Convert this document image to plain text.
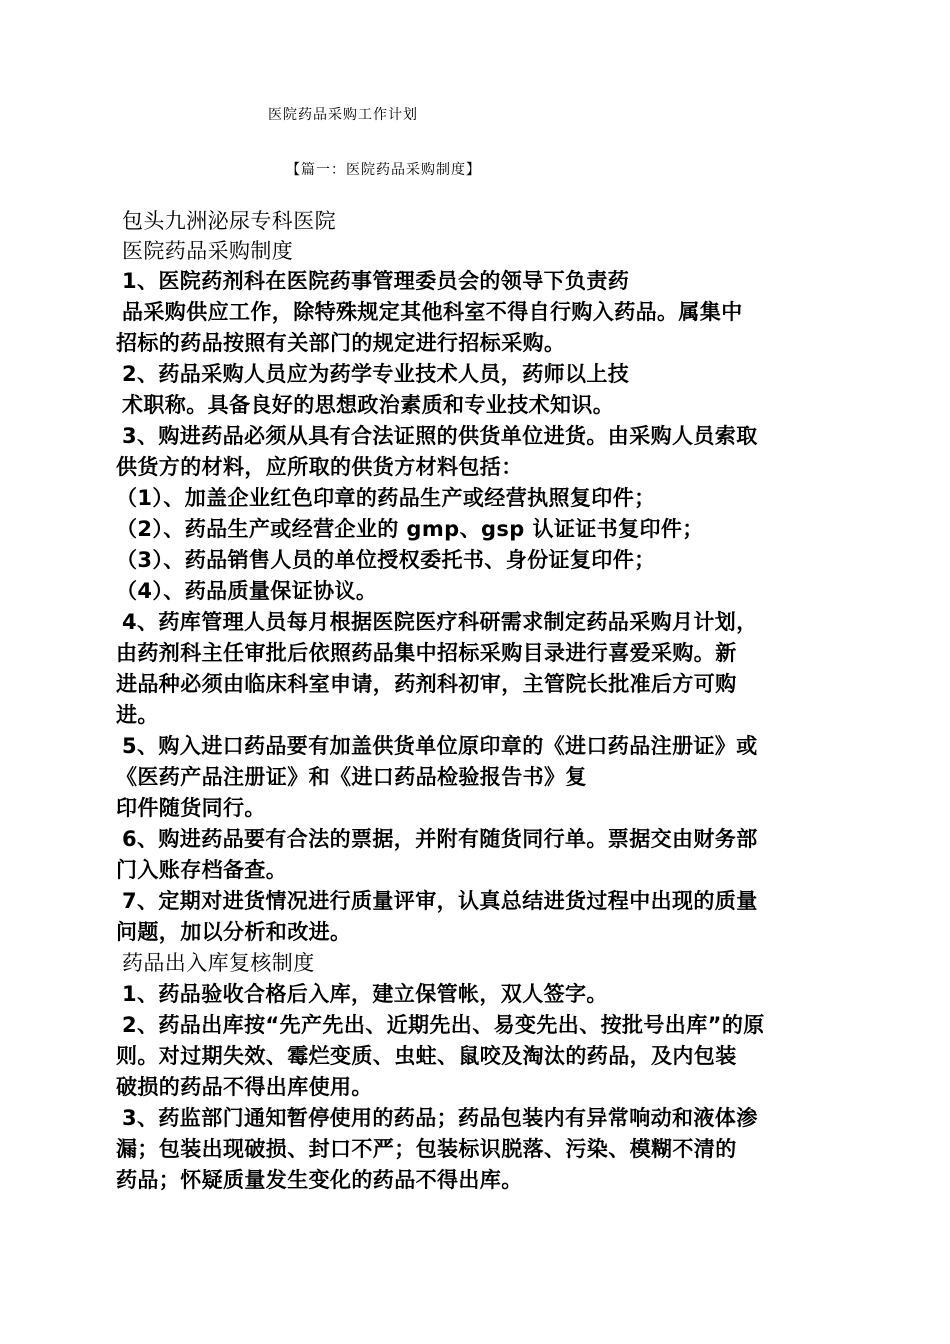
医院药品采购工作计划
【篇一：医院药品采购制度】
包头九洲泌尿专科医院
医院药品采购制度
1、医院药剂科在医院药事管理委员会的领导下负责药
品采购供应工作，除特殊规定其他科室不得自行购入药品。属集中
招标的药品按照有关部门的规定进行招标采购。
2、药品采购人员应为药学专业技术人员，药师以上技
术职称。具备良好的思想政治素质和专业技术知识。
3、购进药品必须从具有合法证照的供货单位进货。由采购人员索取
供货方的材料，应所取的供货方材料包括：
（1）、加盖企业红色印章的药品生产或经营执照复印件；
（2）、药品生产或经营企业的 gmp、gsp 认证证书复印件；
（3）、药品销售人员的单位授权委托书、身份证复印件；
（4）、药品质量保证协议。
4、药库管理人员每月根据医院医疗科研需求制定药品采购月计划，
由药剂科主任审批后依照药品集中招标采购目录进行喜爱采购。新
进品种必须由临床科室申请，药剂科初审，主管院长批准后方可购
进。
5、购入进口药品要有加盖供货单位原印章的《进口药品注册证》或
《医药产品注册证》和《进口药品检验报告书》复
印件随货同行。
6、购进药品要有合法的票据，并附有随货同行单。票据交由财务部
门入账存档备查。
7、定期对进货情况进行质量评审，认真总结进货过程中出现的质量
问题，加以分析和改进。
药品出入库复核制度
1、药品验收合格后入库，建立保管帐，双人签字。
2、药品出库按“先产先出、近期先出、易变先出、按批号出库”的原
则。对过期失效、霉烂变质、虫蛀、鼠咬及淘汰的药品，及内包装
破损的药品不得出库使用。
3、药监部门通知暂停使用的药品；药品包装内有异常响动和液体渗
漏；包装出现破损、封口不严；包装标识脱落、污染、模糊不清的
药品；怀疑质量发生变化的药品不得出库。
